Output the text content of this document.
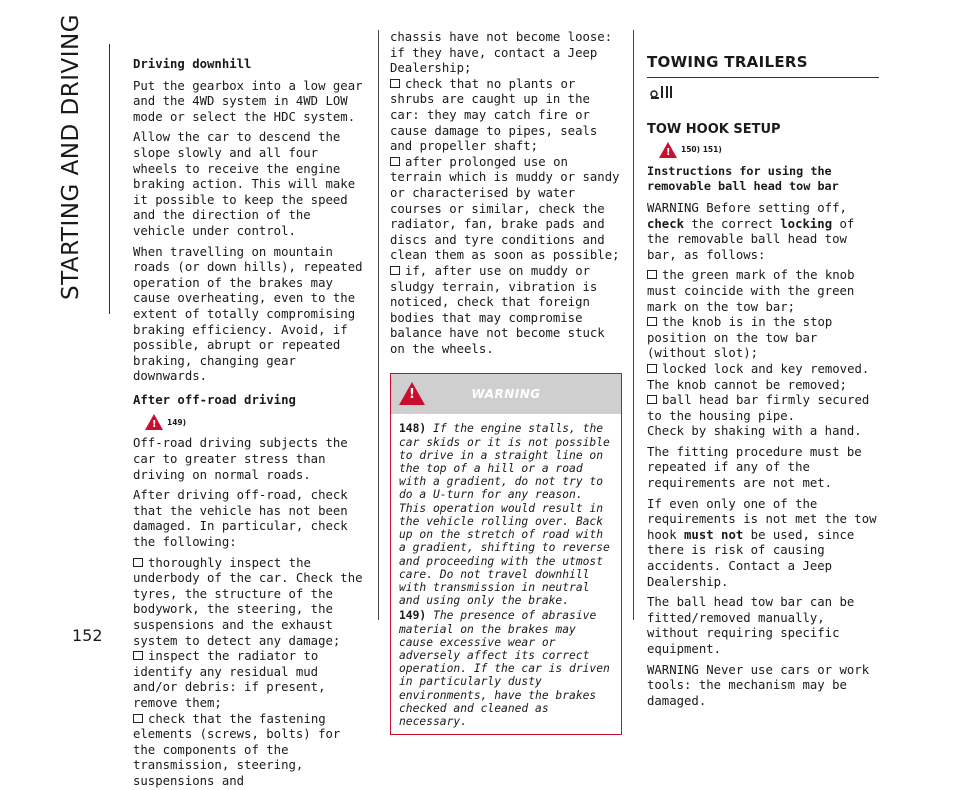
STARTING AND DRIVING
152
Driving downhill

Put the gearbox into a low gear and the 4WD system in 4WD LOW mode or select the HDC system.

Allow the car to descend the slope slowly and all four wheels to receive the engine braking action. This will make it possible to keep the speed and the direction of the vehicle under control.

When travelling on mountain roads (or down hills), repeated operation of the brakes may cause overheating, even to the extent of totally compromising braking efficiency. Avoid, if possible, abrupt or repeated braking, changing gear downwards.

After off-road driving
! 149)

Off-road driving subjects the car to greater stress than driving on normal roads.

After driving off-road, check that the vehicle has not been damaged. In particular, check the following:

thoroughly inspect the underbody of the car. Check the tyres, the structure of the bodywork, the steering, the suspensions and the exhaust system to detect any damage;

inspect the radiator to identify any residual mud and/or debris: if present, remove them;

check that the fastening elements (screws, bolts) for the components of the transmission, steering, suspensions and

chassis have not become loose: if they have, contact a Jeep Dealership;

check that no plants or shrubs are caught up in the car: they may catch fire or cause damage to pipes, seals and propeller shaft;

after prolonged use on terrain which is muddy or sandy or characterised by water courses or similar, check the radiator, fan, brake pads and discs and tyre conditions and clean them as soon as possible;

if, after use on muddy or sludgy terrain, vibration is noticed, check that foreign bodies that may compromise balance have not become stuck on the wheels.

!	WARNING

148) If the engine stalls, the car skids or it is not possible to drive in a straight line on the top of a hill or a road with a gradient, do not try to do a U-turn for any reason. This operation would result in the vehicle rolling over. Back up on the stretch of road with a gradient, shifting to reverse and proceeding with the utmost care. Do not travel downhill with transmission in neutral and using only the brake.

149) The presence of abrasive material on the brakes may cause excessive wear or adversely affect its correct operation. If the car is driven in particularly dusty environments, have the brakes checked and cleaned as necessary.

TOWING TRAILERS
TOW HOOK SETUP
! 150) 151)
Instructions for using the removable ball head tow bar

WARNING Before setting off, check the correct locking of the removable ball head tow bar, as follows:

the green mark of the knob must coincide with the green mark on the tow bar;

the knob is in the stop position on the tow bar (without slot);

locked lock and key removed. The knob cannot be removed;

ball head bar firmly secured to the housing pipe.

Check by shaking with a hand.

The fitting procedure must be repeated if any of the requirements are not met.

If even only one of the requirements is not met the tow hook must not be used, since there is risk of causing accidents. Contact a Jeep Dealership.

The ball head tow bar can be fitted/removed manually, without requiring specific equipment.

WARNING Never use cars or work tools: the mechanism may be damaged.
